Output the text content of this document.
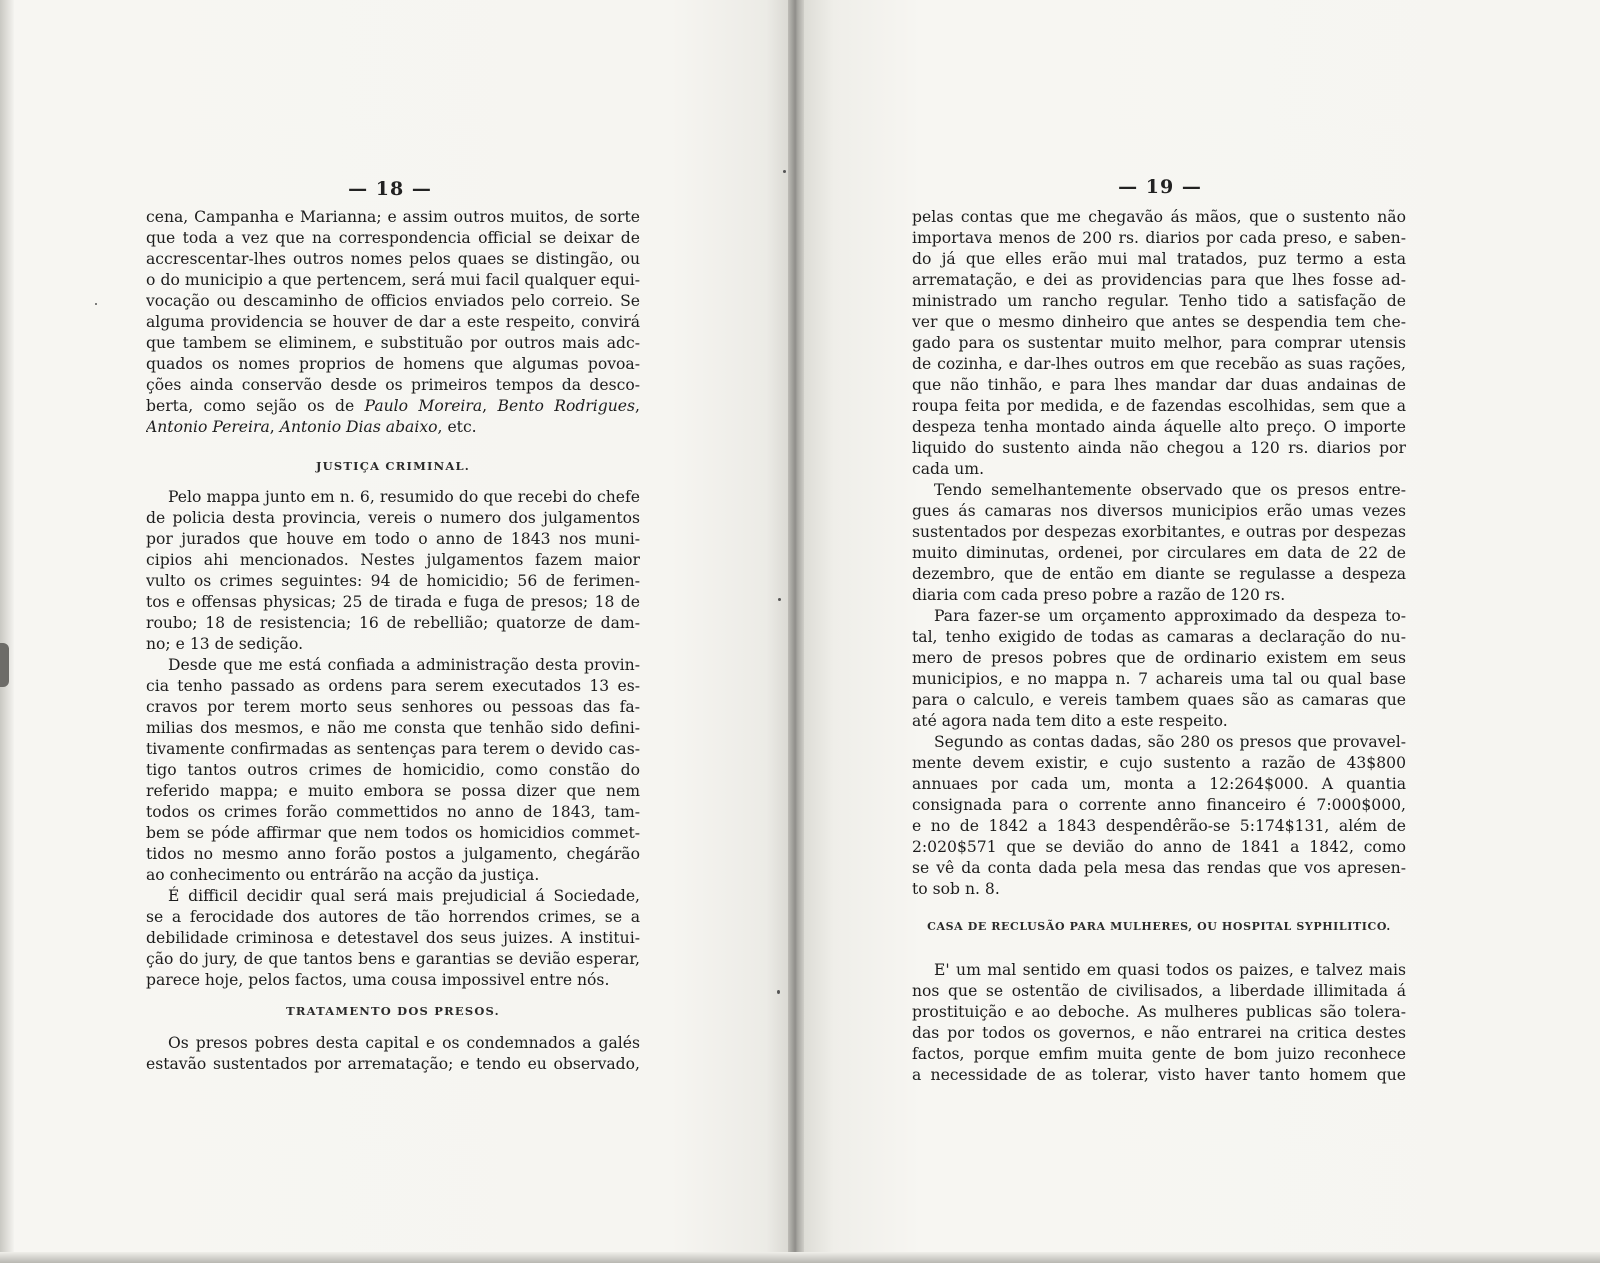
— 18 —
cena, Campanha e Marianna; e assim outros muitos, de sorte
que toda a vez que na correspondencia official se deixar de
accrescentar-lhes outros nomes pelos quaes se distingão, ou
o do municipio a que pertencem, será mui facil qualquer equi-
vocação ou descaminho de officios enviados pelo correio. Se
alguma providencia se houver de dar a este respeito, convirá
que tambem se eliminem, e substituão por outros mais adc-
quados os nomes proprios de homens que algumas povoa-
ções ainda conservão desde os primeiros tempos da desco-
berta, como sejão os de Paulo Moreira, Bento Rodrigues,
Antonio Pereira, Antonio Dias abaixo, etc.
JUSTIÇA CRIMINAL.
Pelo mappa junto em n. 6, resumido do que recebi do chefe
de policia desta provincia, vereis o numero dos julgamentos
por jurados que houve em todo o anno de 1843 nos muni-
cipios ahi mencionados. Nestes julgamentos fazem maior
vulto os crimes seguintes: 94 de homicidio; 56 de ferimen-
tos e offensas physicas; 25 de tirada e fuga de presos; 18 de
roubo; 18 de resistencia; 16 de rebellião; quatorze de dam-
no; e 13 de sedição.
Desde que me está confiada a administração desta provin-
cia tenho passado as ordens para serem executados 13 es-
cravos por terem morto seus senhores ou pessoas das fa-
milias dos mesmos, e não me consta que tenhão sido defini-
tivamente confirmadas as sentenças para terem o devido cas-
tigo tantos outros crimes de homicidio, como constão do
referido mappa; e muito embora se possa dizer que nem
todos os crimes forão commettidos no anno de 1843, tam-
bem se póde affirmar que nem todos os homicidios commet-
tidos no mesmo anno forão postos a julgamento, chegárão
ao conhecimento ou entrárão na acção da justiça.
É difficil decidir qual será mais prejudicial á Sociedade,
se a ferocidade dos autores de tão horrendos crimes, se a
debilidade criminosa e detestavel dos seus juizes. A institui-
ção do jury, de que tantos bens e garantias se devião esperar,
parece hoje, pelos factos, uma cousa impossivel entre nós.
TRATAMENTO DOS PRESOS.
Os presos pobres desta capital e os condemnados a galés
estavão sustentados por arrematação; e tendo eu observado,
— 19 —
pelas contas que me chegavão ás mãos, que o sustento não
importava menos de 200 rs. diarios por cada preso, e saben-
do já que elles erão mui mal tratados, puz termo a esta
arrematação, e dei as providencias para que lhes fosse ad-
ministrado um rancho regular. Tenho tido a satisfação de
ver que o mesmo dinheiro que antes se despendia tem che-
gado para os sustentar muito melhor, para comprar utensis
de cozinha, e dar-lhes outros em que recebão as suas rações,
que não tinhão, e para lhes mandar dar duas andainas de
roupa feita por medida, e de fazendas escolhidas, sem que a
despeza tenha montado ainda áquelle alto preço. O importe
liquido do sustento ainda não chegou a 120 rs. diarios por
cada um.
Tendo semelhantemente observado que os presos entre-
gues ás camaras nos diversos municipios erão umas vezes
sustentados por despezas exorbitantes, e outras por despezas
muito diminutas, ordenei, por circulares em data de 22 de
dezembro, que de então em diante se regulasse a despeza
diaria com cada preso pobre a razão de 120 rs.
Para fazer-se um orçamento approximado da despeza to-
tal, tenho exigido de todas as camaras a declaração do nu-
mero de presos pobres que de ordinario existem em seus
municipios, e no mappa n. 7 achareis uma tal ou qual base
para o calculo, e vereis tambem quaes são as camaras que
até agora nada tem dito a este respeito.
Segundo as contas dadas, são 280 os presos que provavel-
mente devem existir, e cujo sustento a razão de 43$800
annuaes por cada um, monta a 12:264$000. A quantia
consignada para o corrente anno financeiro é 7:000$000,
e no de 1842 a 1843 despendêrão-se 5:174$131, além de
2:020$571 que se devião do anno de 1841 a 1842, como
se vê da conta dada pela mesa das rendas que vos apresen-
to sob n. 8.
CASA DE RECLUSÃO PARA MULHERES, OU HOSPITAL SYPHILITICO.
E' um mal sentido em quasi todos os paizes, e talvez mais
nos que se ostentão de civilisados, a liberdade illimitada á
prostituição e ao deboche. As mulheres publicas são tolera-
das por todos os governos, e não entrarei na critica destes
factos, porque emfim muita gente de bom juizo reconhece
a necessidade de as tolerar, visto haver tanto homem que
